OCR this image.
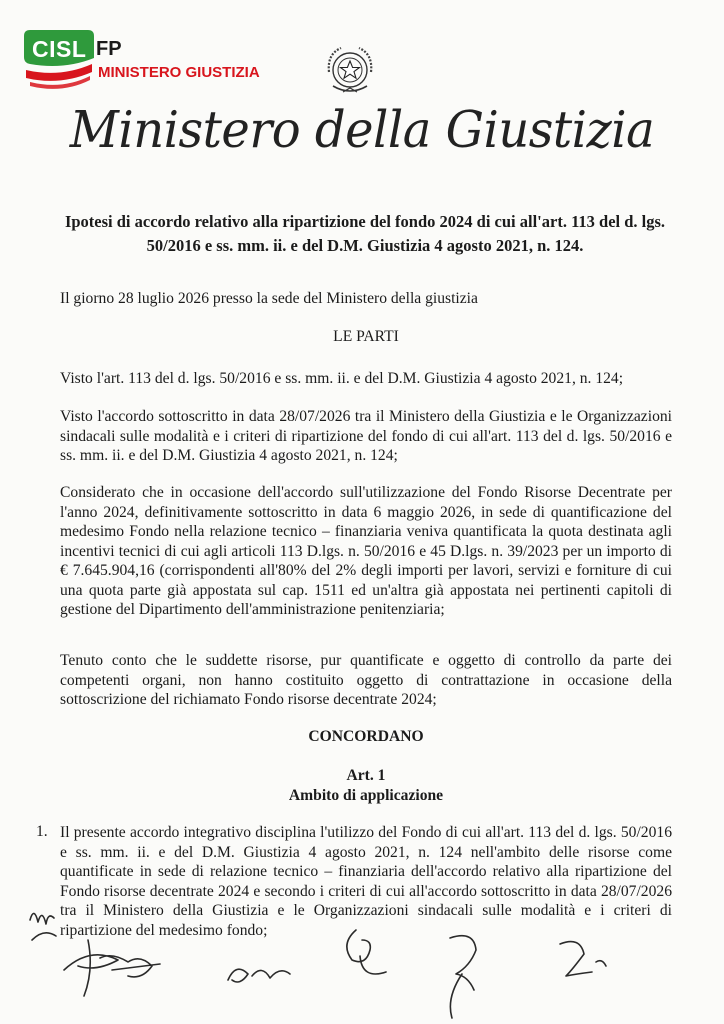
CISL FP
MINISTERO GIUSTIZIA
Ministero della Giustizia
Ipotesi di accordo relativo alla ripartizione del fondo 2024 di cui all'art. 113 del d. lgs. 50/2016 e ss. mm. ii. e del D.M. Giustizia 4 agosto 2021, n. 124.
Il giorno 28 luglio 2026 presso la sede del Ministero della giustizia
LE PARTI
Visto l'art. 113 del d. lgs. 50/2016 e ss. mm. ii. e del D.M. Giustizia 4 agosto 2021, n. 124;
Visto l'accordo sottoscritto in data 28/07/2026 tra il Ministero della Giustizia e le Organizzazioni sindacali sulle modalità e i criteri di ripartizione del fondo di cui all'art. 113 del d. lgs. 50/2016 e ss. mm. ii. e del D.M. Giustizia 4 agosto 2021, n. 124;
Considerato che in occasione dell'accordo sull'utilizzazione del Fondo Risorse Decentrate per l'anno 2024, definitivamente sottoscritto in data 6 maggio 2026, in sede di quantificazione del medesimo Fondo nella relazione tecnico – finanziaria veniva quantificata la quota destinata agli incentivi tecnici di cui agli articoli 113 D.lgs. n. 50/2016 e 45 D.lgs. n. 39/2023 per un importo di € 7.645.904,16 (corrispondenti all'80% del 2% degli importi per lavori, servizi e forniture di cui una quota parte già appostata sul cap. 1511 ed un'altra già appostata nei pertinenti capitoli di gestione del Dipartimento dell'amministrazione penitenziaria;
Tenuto conto che le suddette risorse, pur quantificate e oggetto di controllo da parte dei competenti organi, non hanno costituito oggetto di contrattazione in occasione della sottoscrizione del richiamato Fondo risorse decentrate 2024;
CONCORDANO
Art. 1
Ambito di applicazione
1. Il presente accordo integrativo disciplina l'utilizzo del Fondo di cui all'art. 113 del d. lgs. 50/2016 e ss. mm. ii. e del D.M. Giustizia 4 agosto 2021, n. 124 nell'ambito delle risorse come quantificate in sede di relazione tecnico – finanziaria dell'accordo relativo alla ripartizione del Fondo risorse decentrate 2024 e secondo i criteri di cui all'accordo sottoscritto in data 28/07/2026 tra il Ministero della Giustizia e le Organizzazioni sindacali sulle modalità e i criteri di ripartizione del medesimo fondo;
